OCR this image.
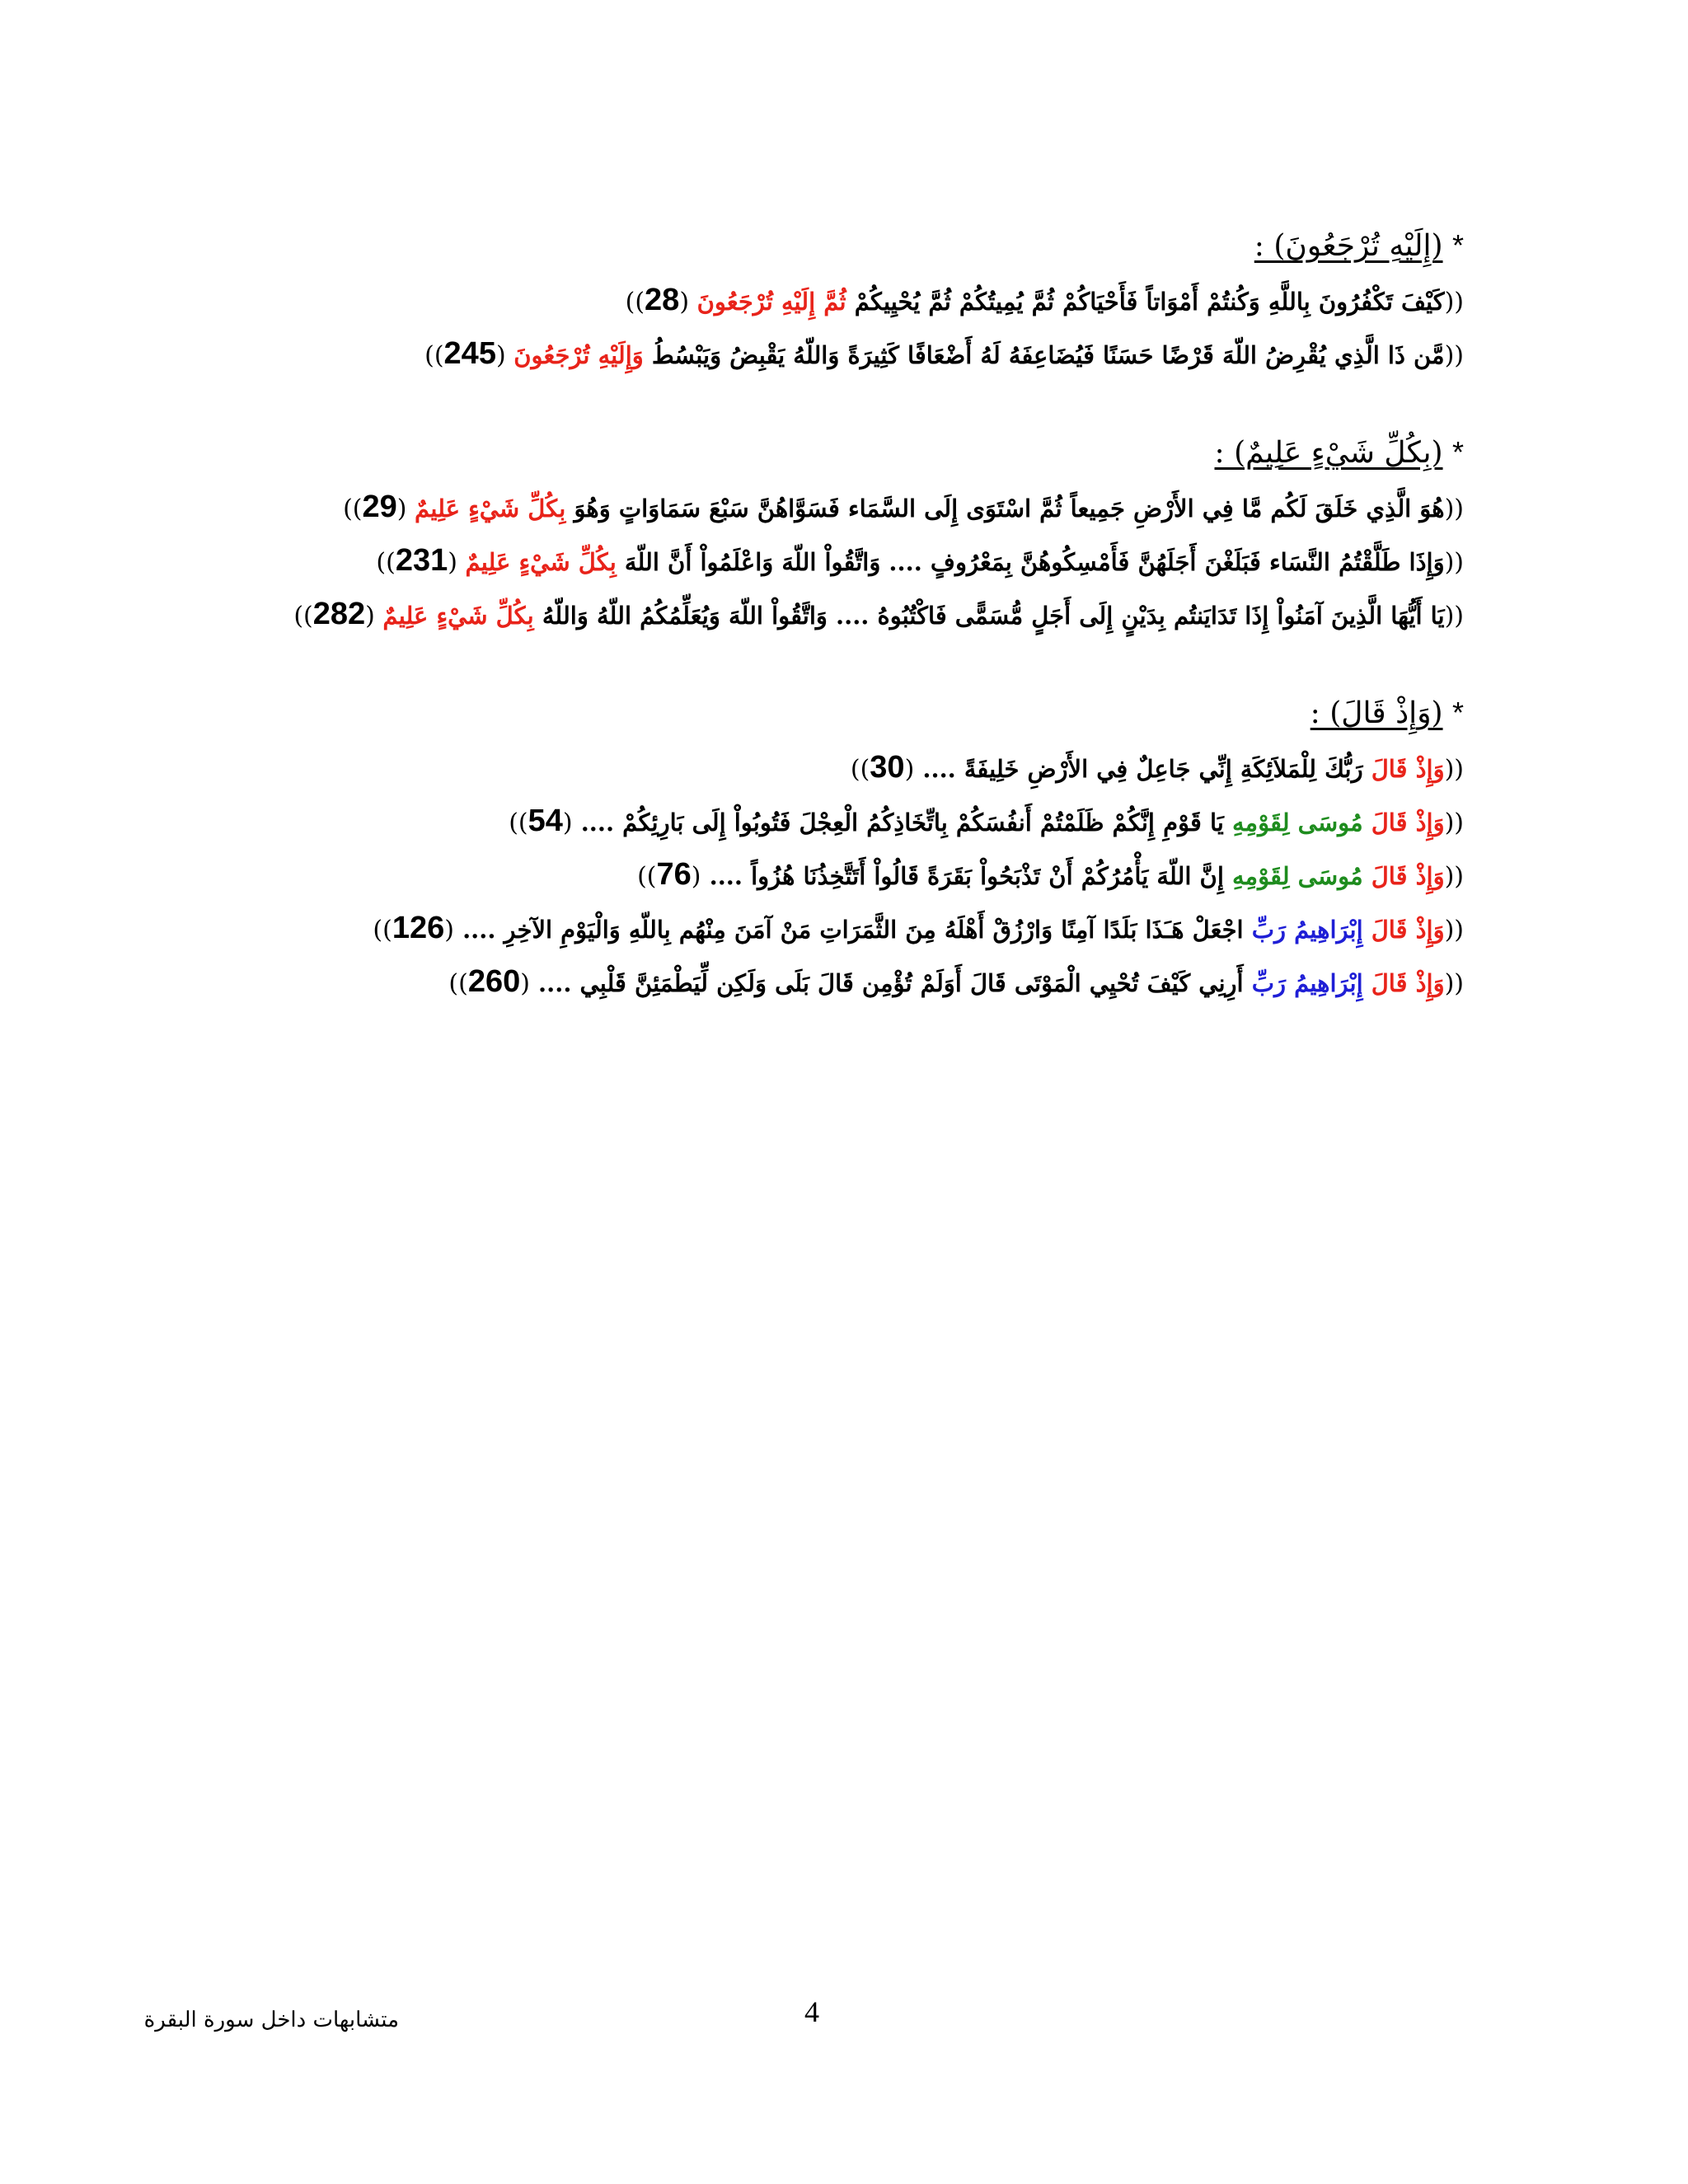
* (إِلَيْهِ تُرْجَعُونَ) :
((كَيْفَ تَكْفُرُونَ بِاللَّهِ وَكُنتُمْ أَمْوَاتاً فَأَحْيَاكُمْ ثُمَّ يُمِيتُكُمْ ثُمَّ يُحْيِيكُمْ ثُمَّ إِلَيْهِ تُرْجَعُونَ (28))
((مَّن ذَا الَّذِي يُقْرِضُ اللّهَ قَرْضًا حَسَنًا فَيُضَاعِفَهُ لَهُ أَضْعَافًا كَثِيرَةً وَاللّهُ يَقْبِضُ وَيَبْسُطُ وَإِلَيْهِ تُرْجَعُونَ (245))
* (بِكُلِّ شَيْءٍ عَلِيمٌ) :
((هُوَ الَّذِي خَلَقَ لَكُم مَّا فِي الأَرْضِ جَمِيعاً ثُمَّ اسْتَوَى إِلَى السَّمَاء فَسَوَّاهُنَّ سَبْعَ سَمَاوَاتٍ وَهُوَ بِكُلِّ شَيْءٍ عَلِيمٌ (29))
((وَإِذَا طَلَّقْتُمُ النَّسَاء فَبَلَغْنَ أَجَلَهُنَّ فَأَمْسِكُوهُنَّ بِمَعْرُوفٍ .... وَاتَّقُواْ اللّهَ وَاعْلَمُواْ أَنَّ اللّهَ بِكُلِّ شَيْءٍ عَلِيمٌ (231))
((يَا أَيُّهَا الَّذِينَ آمَنُواْ إِذَا تَدَايَنتُم بِدَيْنٍ إِلَى أَجَلٍ مُّسَمًّى فَاكْتُبُوهُ .... وَاتَّقُواْ اللّهَ وَيُعَلِّمُكُمُ اللّهُ وَاللّهُ بِكُلِّ شَيْءٍ عَلِيمٌ (282))
* (وَإِذْ قَالَ) :
((وَإِذْ قَالَ رَبُّكَ لِلْمَلاَئِكَةِ إِنِّي جَاعِلٌ فِي الأَرْضِ خَلِيفَةً .... (30))
((وَإِذْ قَالَ مُوسَى لِقَوْمِهِ يَا قَوْمِ إِنَّكُمْ ظَلَمْتُمْ أَنفُسَكُمْ بِاتِّخَاذِكُمُ الْعِجْلَ فَتُوبُواْ إِلَى بَارِئِكُمْ .... (54))
((وَإِذْ قَالَ مُوسَى لِقَوْمِهِ إِنَّ اللّهَ يَأْمُرُكُمْ أَنْ تَذْبَحُواْ بَقَرَةً قَالُواْ أَتَتَّخِذُنَا هُزُواً .... (76))
((وَإِذْ قَالَ إِبْرَاهِيمُ رَبِّ اجْعَلْ هَـَذَا بَلَدًا آمِنًا وَارْزُقْ أَهْلَهُ مِنَ الثَّمَرَاتِ مَنْ آمَنَ مِنْهُم بِاللّهِ وَالْيَوْمِ الآخِرِ .... (126))
((وَإِذْ قَالَ إِبْرَاهِيمُ رَبِّ أَرِنِي كَيْفَ تُحْيِي الْمَوْتَى قَالَ أَوَلَمْ تُؤْمِن قَالَ بَلَى وَلَكِن لِّيَطْمَئِنَّ قَلْبِي .... (260))
متشابهات داخل سورة البقرة	4
